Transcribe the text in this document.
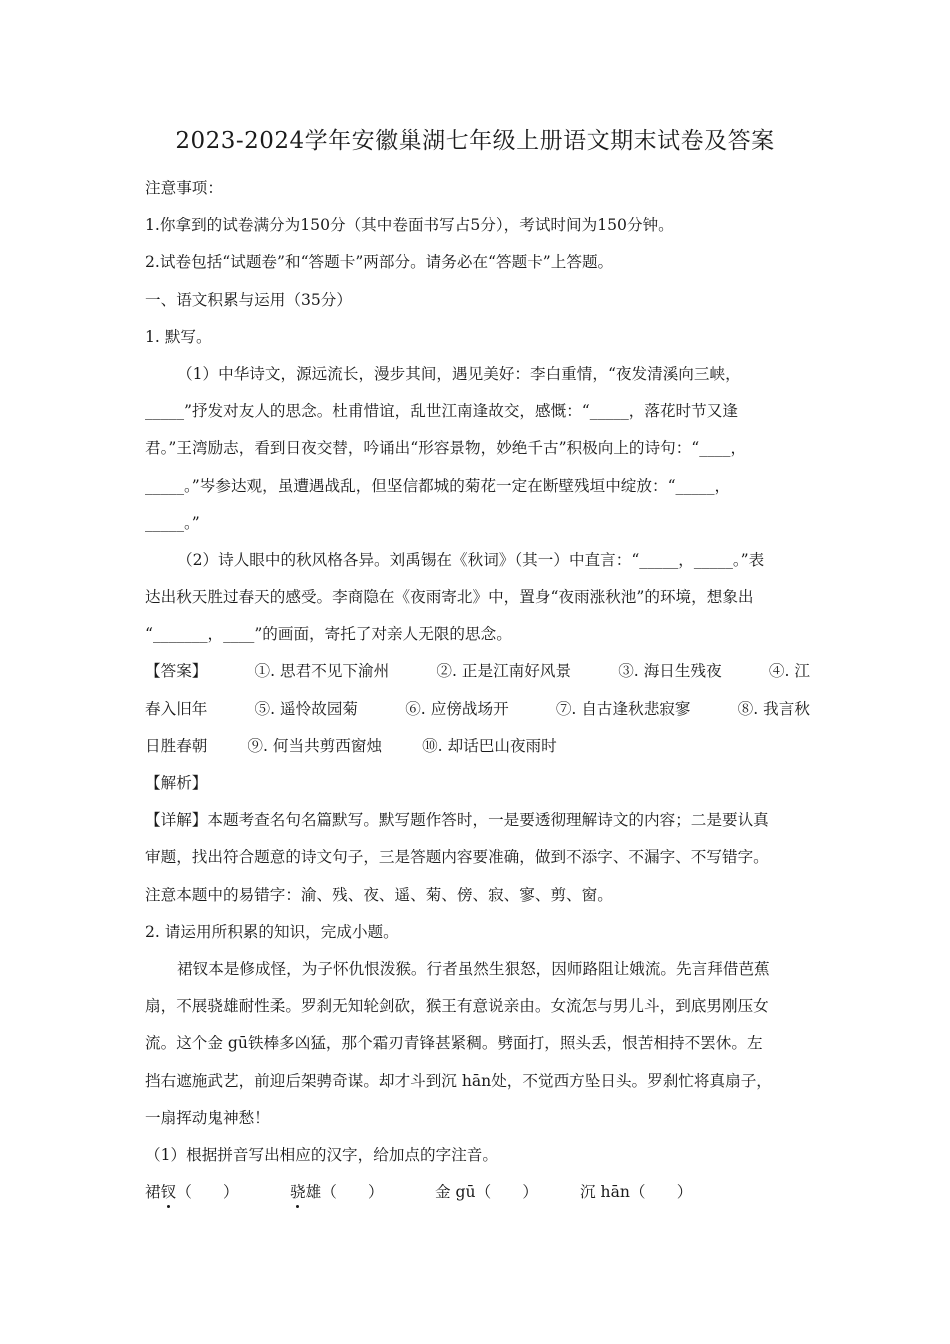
2023-2024学年安徽巢湖七年级上册语文期末试卷及答案
注意事项：
1.你拿到的试卷满分为150分（其中卷面书写占5分），考试时间为150分钟。
2.试卷包括“试题卷”和“答题卡”两部分。请务必在“答题卡”上答题。
一、语文积累与运用（35分）
1. 默写。
（1）中华诗文，源远流长，漫步其间，遇见美好：李白重情，“夜发清溪向三峡，
_____”抒发对友人的思念。杜甫惜谊，乱世江南逢故交，感慨：“_____，落花时节又逢
君。”王湾励志，看到日夜交替，吟诵出“形容景物，妙绝千古”积极向上的诗句：“____，
_____。”岑参达观，虽遭遇战乱，但坚信都城的菊花一定在断壁残垣中绽放：“_____，
_____。”
（2）诗人眼中的秋风格各异。刘禹锡在《秋词》（其一）中直言：“_____，_____。”表
达出秋天胜过春天的感受。李商隐在《夜雨寄北》中，置身“夜雨涨秋池”的环境，想象出
“_______，____”的画面，寄托了对亲人无限的思念。
【答案】	①. 思君不见下渝州	②. 正是江南好风景	③. 海日生残夜	④. 江
春入旧年	⑤. 遥怜故园菊	⑥. 应傍战场开	⑦. 自古逢秋悲寂寥	⑧. 我言秋
日胜春朝	⑨. 何当共剪西窗烛	⑩. 却话巴山夜雨时
【解析】
【详解】本题考查名句名篇默写。默写题作答时，一是要透彻理解诗文的内容；二是要认真
审题，找出符合题意的诗文句子，三是答题内容要准确，做到不添字、不漏字、不写错字。
注意本题中的易错字：渝、残、夜、遥、菊、傍、寂、寥、剪、窗。
2. 请运用所积累的知识，完成小题。
裙钗本是修成怪，为子怀仇恨泼猴。行者虽然生狠怒，因师路阻让娥流。先言拜借芭蕉
扇，不展骁雄耐性柔。罗刹无知轮剑砍，猴王有意说亲由。女流怎与男儿斗，到底男刚压女
流。这个金 gū铁棒多凶猛，那个霜刃青锋甚紧稠。劈面打，照头丢，恨苦相持不罢休。左
挡右遮施武艺，前迎后架骋奇谋。却才斗到沉 hān处，不觉西方坠日头。罗刹忙将真扇子，
一扇挥动鬼神愁！
（1）根据拼音写出相应的汉字，给加点的字注音。
裙钗（　　）	骁雄（　　）	金 gū（　　）	沉 hān（　　）
